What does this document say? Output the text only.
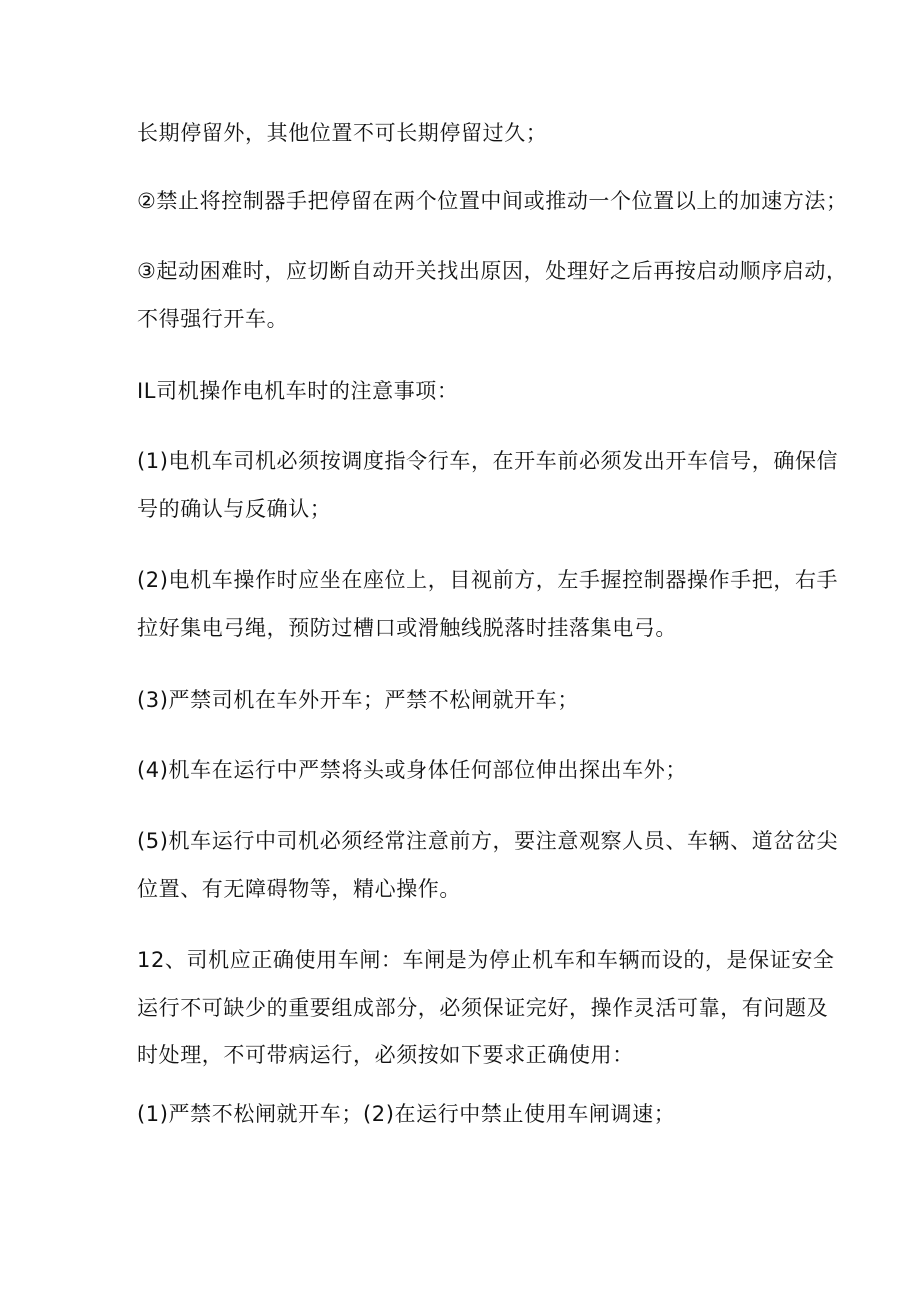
长期停留外，其他位置不可长期停留过久；
②禁止将控制器手把停留在两个位置中间或推动一个位置以上的加速方法；
③起动困难时，应切断自动开关找出原因，处理好之后再按启动顺序启动，
不得强行开车。
IL司机操作电机车时的注意事项：
(1)电机车司机必须按调度指令行车，在开车前必须发出开车信号，确保信
号的确认与反确认；
(2)电机车操作时应坐在座位上，目视前方，左手握控制器操作手把，右手
拉好集电弓绳，预防过槽口或滑触线脱落时挂落集电弓。
(3)严禁司机在车外开车；严禁不松闸就开车；
(4)机车在运行中严禁将头或身体任何部位伸出探出车外；
(5)机车运行中司机必须经常注意前方，要注意观察人员、车辆、道岔岔尖
位置、有无障碍物等，精心操作。
12、司机应正确使用车闸：车闸是为停止机车和车辆而设的，是保证安全
运行不可缺少的重要组成部分，必须保证完好，操作灵活可靠，有问题及
时处理，不可带病运行，必须按如下要求正确使用：
(1)严禁不松闸就开车；(2)在运行中禁止使用车闸调速；
